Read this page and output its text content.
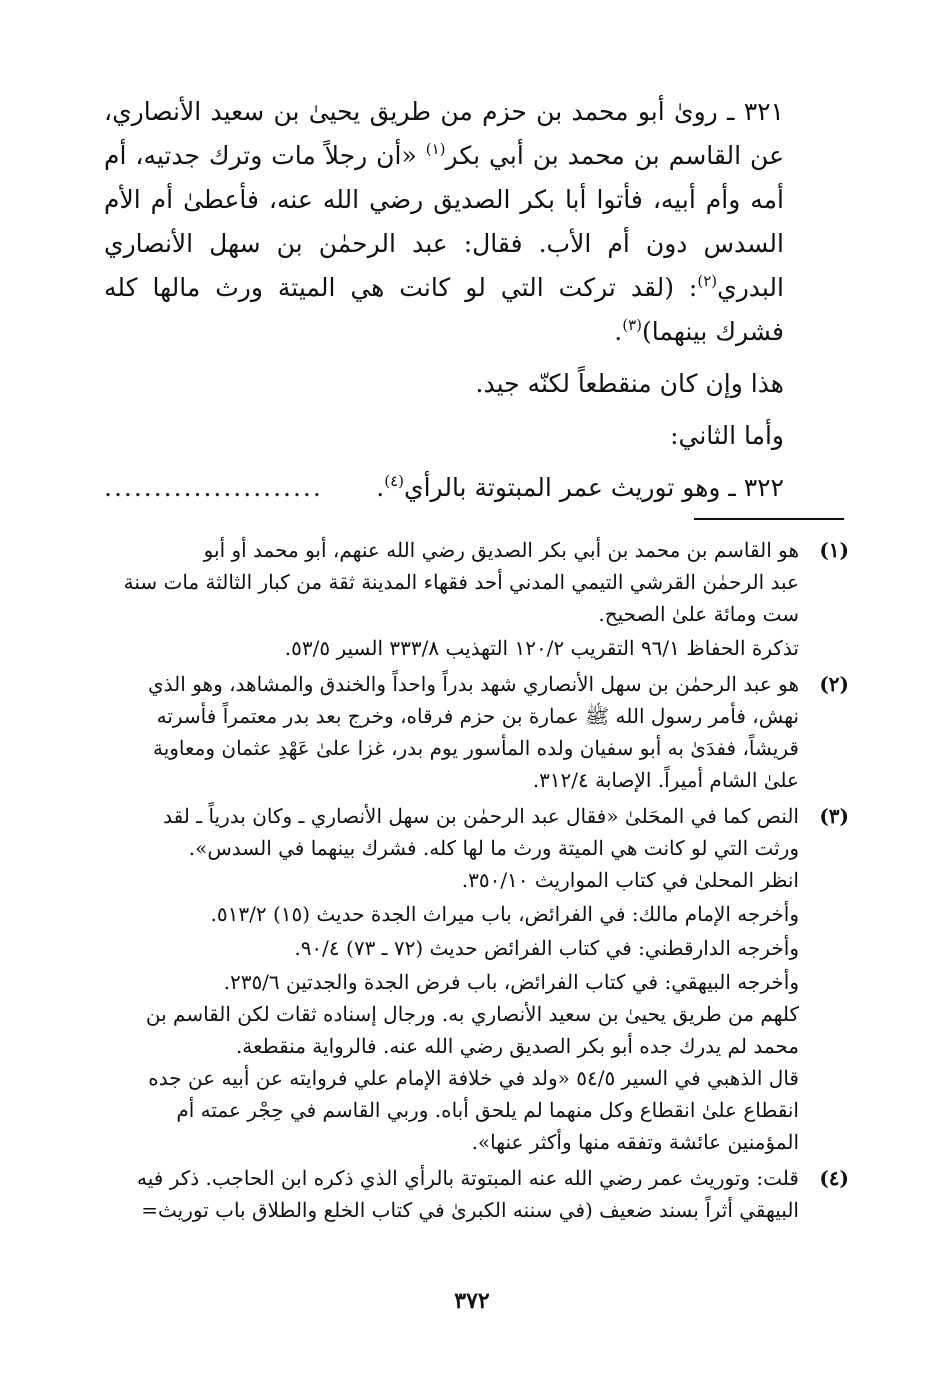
٣٢١ ـ روىٰ أبو محمد بن حزم من طريق يحيىٰ بن سعيد الأنصاري، عن القاسم بن محمد بن أبي بكر$^{(١)}$ «أن رجلاً مات وترك جدتيه، أم أمه وأم أبيه، فأتوا أبا بكر الصديق رضي الله عنه، فأعطىٰ أم الأم السدس دون أم الأب. فقال: عبد الرحمٰن بن سهل الأنصاري البدري$^{(٢)}$: (لقد تركت التي لو كانت هي الميتة ورث مالها كله فشرك بينهما)$^{(٣)}$.

هذا وإن كان منقطعاً لكنّه جيد.

وأما الثاني:

٣٢٢ ـ وهو توريث عمر المبتوتة بالرأي$^{(٤)}$.
......................
(١)

هو القاسم بن محمد بن أبي بكر الصديق رضي الله عنهم، أبو محمد أو أبو

عبد الرحمٰن القرشي التيمي المدني أحد فقهاء المدينة ثقة من كبار الثالثة مات سنة

ست ومائة علىٰ الصحيح.

تذكرة الحفاظ ٩٦/١ التقريب ١٢٠/٢ التهذيب ٣٣٣/٨ السير ٥٣/٥.

(٢)

هو عبد الرحمٰن بن سهل الأنصاري شهد بدراً واحداً والخندق والمشاهد، وهو الذي

نهش، فأمر رسول الله ﷺ عمارة بن حزم فرقاه، وخرج بعد بدر معتمراً فأسرته

قريشاً، ففدَىٰ به أبو سفيان ولده المأسور يوم بدر، غزا علىٰ عَهْدِ عثمان ومعاوية

علىٰ الشام أميراً. الإصابة ٣١٢/٤.

(٣)

النص كما في المحَلىٰ «فقال عبد الرحمٰن بن سهل الأنصاري ـ وكان بدرياً ـ لقد

ورثت التي لو كانت هي الميتة ورث ما لها كله. فشرك بينهما في السدس».

انظر المحلىٰ في كتاب المواريث ٣٥٠/١٠.

وأخرجه الإمام مالك: في الفرائض، باب ميراث الجدة حديث (١٥) ٥١٣/٢.

وأخرجه الدارقطني: في كتاب الفرائض حديث (٧٢ ـ ٧٣) ٩٠/٤.

وأخرجه البيهقي: في كتاب الفرائض، باب فرض الجدة والجدتين ٢٣٥/٦.

كلهم من طريق يحيىٰ بن سعيد الأنصاري به. ورجال إسناده ثقات لكن القاسم بن

محمد لم يدرك جده أبو بكر الصديق رضي الله عنه. فالرواية منقطعة.

قال الذهبي في السير ٥٤/٥ «ولد في خلافة الإمام علي فروايته عن أبيه عن جده

انقطاع علىٰ انقطاع وكل منهما لم يلحق أباه. وربي القاسم في حِجْر عمته أم

المؤمنين عائشة وتفقه منها وأكثر عنها».

(٤)

قلت: وتوريث عمر رضي الله عنه المبتوتة بالرأي الذي ذكره ابن الحاجب. ذكر فيه

البيهقي أثراً بسند ضعيف (في سننه الكبرىٰ في كتاب الخلع والطلاق باب توريث=

٣٧٢
